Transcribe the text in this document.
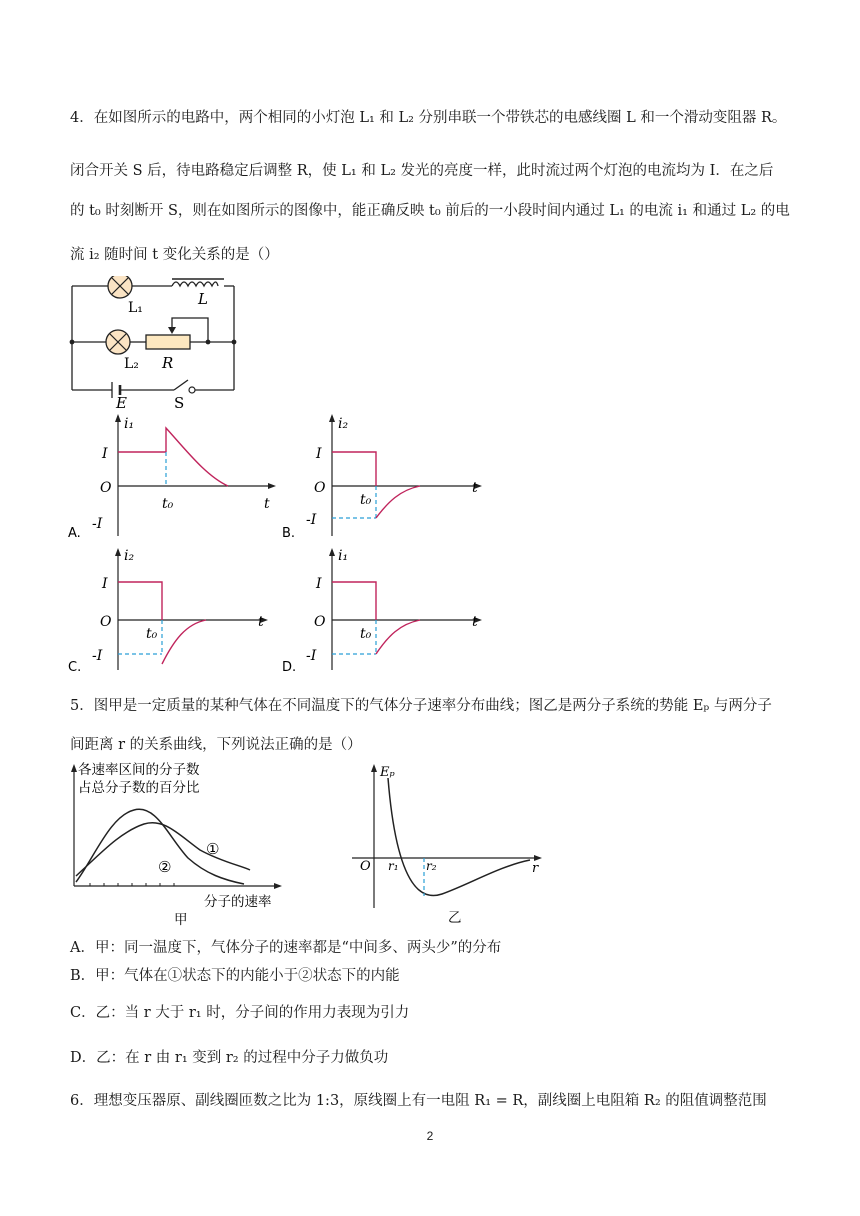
4．在如图所示的电路中，两个相同的小灯泡 L₁ 和 L₂ 分别串联一个带铁芯的电感线圈 L 和一个滑动变阻器 R。
闭合开关 S 后，待电路稳定后调整 R，使 L₁ 和 L₂ 发光的亮度一样，此时流过两个灯泡的电流均为 I．在之后
的 t₀ 时刻断开 S，则在如图所示的图像中，能正确反映 t₀ 前后的一小段时间内通过 L₁ 的电流 i₁ 和通过 L₂ 的电
流 i₂ 随时间 t 变化关系的是（）
L₁	L
L₂ R
E	S
i₁
I
O
-I
t₀	t
A.
i₂
I
O
-I
t₀
t
B.
i₂
I
O
-I
t₀
t
C.
i₁
I
O
-I
t₀
t
D.
5．图甲是一定质量的某种气体在不同温度下的气体分子速率分布曲线；图乙是两分子系统的势能 Eₚ 与两分子
间距离 r 的关系曲线，下列说法正确的是（）
各速率区间的分子数
占总分子数的百分比
①
②
分子的速率
甲
Eₚ
O r₁ r₂	r
乙
A．甲：同一温度下，气体分子的速率都是“中间多、两头少”的分布
B．甲：气体在①状态下的内能小于②状态下的内能
C．乙：当 r 大于 r₁ 时，分子间的作用力表现为引力
D．乙：在 r 由 r₁ 变到 r₂ 的过程中分子力做负功
6．理想变压器原、副线圈匝数之比为 1:3，原线圈上有一电阻 R₁ = R，副线圈上电阻箱 R₂ 的阻值调整范围
2
